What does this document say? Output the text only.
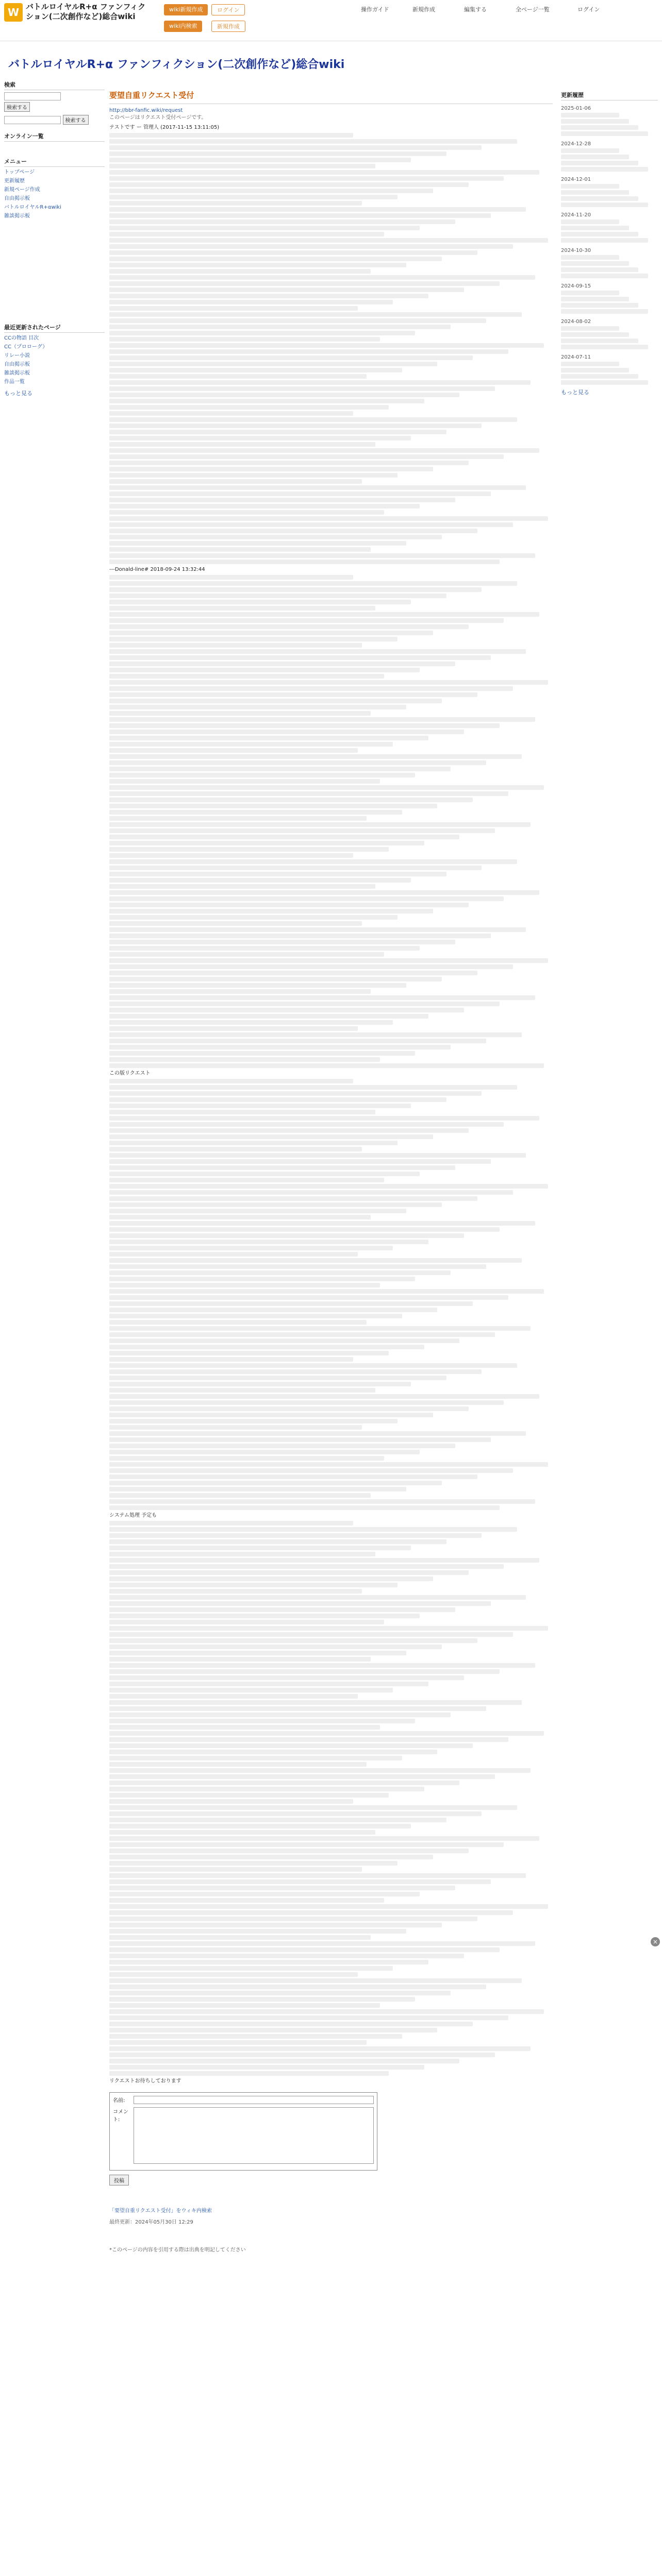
W バトルロイヤルR+α ファンフィクション(二次創作など)総合wiki
wiki新規作成	ログイン
wiki内検索	新規作成
操作ガイド	新規作成	編集する	全ページ一覧	ログイン
バトルロイヤルR+α ファンフィクション(二次創作など)総合wiki
検索
検索する
検索する
オンライン一覧
メニュー
トップページ
更新履歴
新規ページ作成
自由掲示板
バトルロイヤルR+αwiki
雑談掲示板
最近更新されたページ
CCの物語 目次
CC（プロローグ）
リレー小説
自由掲示板
雑談掲示板
作品一覧
もっと見る
要望自重リクエスト受付
http://bbr-fanfic.wiki/request
このページはリクエスト受付ページです。

テストです ー 管理人 (2017-11-15 13:11:05)

---Donald-line# 2018-09-24 13:32:44

この版リクエスト

システム処理 予定も

リクエストお待ちしております

名前:
コメント:
投稿
「要望自重リクエスト受付」をウィキ内検索
最終更新：2024年05月30日 12:29
*このページの内容を引用する際は出典を明記してください
更新履歴
2025-01-06
2024-12-28
2024-12-01
2024-11-20
2024-10-30
2024-09-15
2024-08-02
2024-07-11
もっと見る
×
